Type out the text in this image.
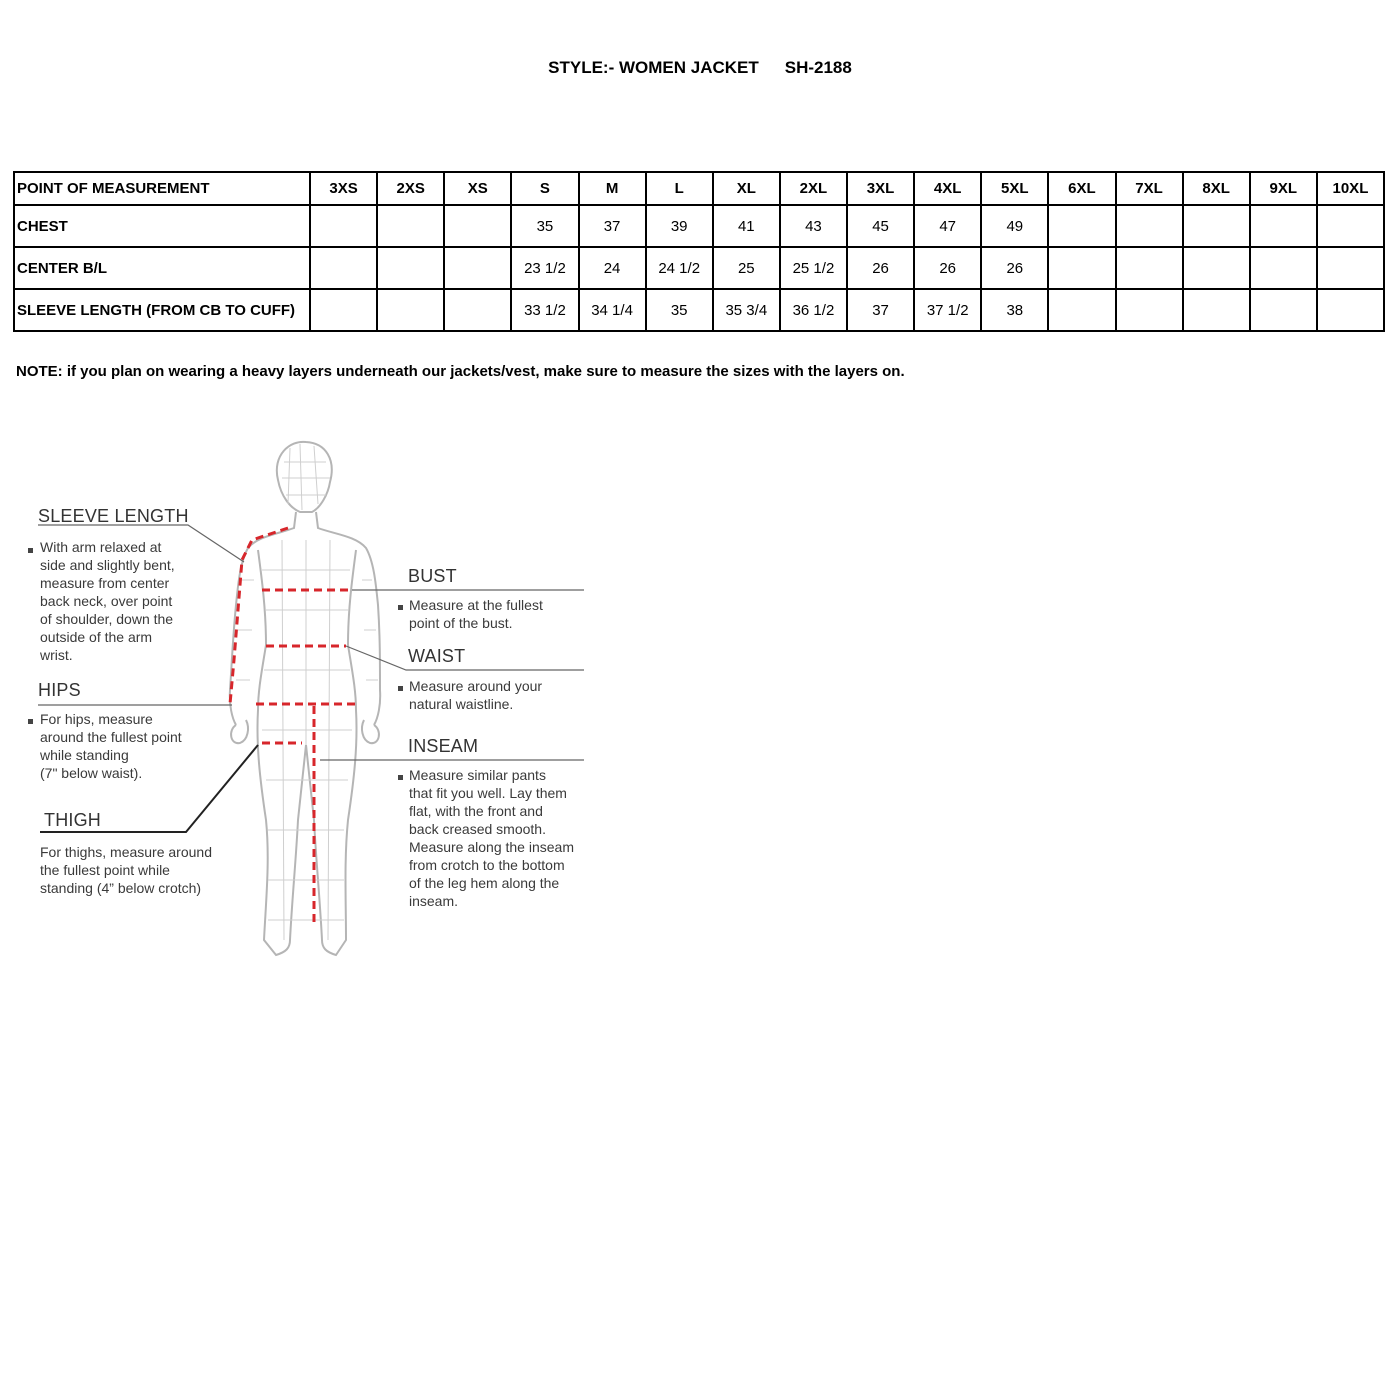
STYLE:- WOMEN JACKET SH-2188
POINT OF MEASUREMENT	3XS	2XS	XS	S	M	L	XL	2XL	3XL	4XL	5XL	6XL	7XL	8XL	9XL	10XL
CHEST				35	37	39	41	43	45	47	49					
CENTER B/L				23 1/2	24	24 1/2	25	25 1/2	26	26	26					
SLEEVE LENGTH (FROM CB TO CUFF)				33 1/2	34 1/4	35	35 3/4	36 1/2	37	37 1/2	38					
NOTE: if you plan on wearing a heavy layers underneath our jackets/vest, make sure to measure the sizes with the layers on.
SLEEVE LENGTH
With arm relaxed at
side and slightly bent,
measure from center
back neck, over point
of shoulder, down the
outside of the arm
wrist.
HIPS
For hips, measure
around the fullest point
while standing
(7" below waist).
THIGH
For thighs, measure around
the fullest point while
standing (4” below crotch)
BUST
Measure at the fullest
point of the bust.
WAIST
Measure around your
natural waistline.
INSEAM
Measure similar pants
that fit you well. Lay them
flat, with the front and
back creased smooth.
Measure along the inseam
from crotch to the bottom
of the leg hem along the
inseam.
